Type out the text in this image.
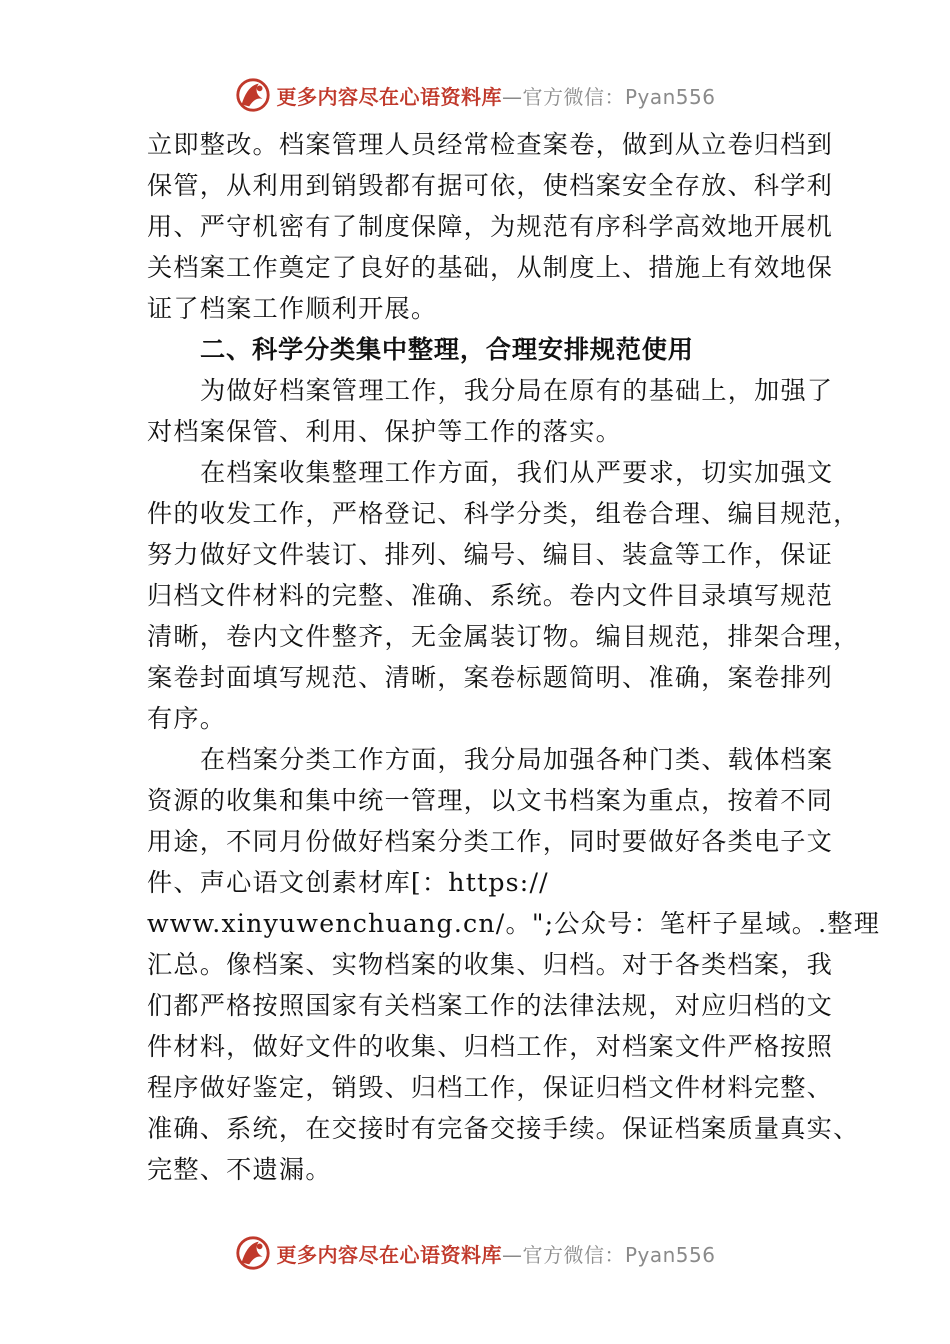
更多内容尽在心语资料库—官方微信：Pyan556
立即整改。档案管理人员经常检查案卷，做到从立卷归档到
保管，从利用到销毁都有据可依，使档案安全存放、科学利
用、严守机密有了制度保障，为规范有序科学高效地开展机
关档案工作奠定了良好的基础，从制度上、措施上有效地保
证了档案工作顺利开展。
二、科学分类集中整理，合理安排规范使用
为做好档案管理工作，我分局在原有的基础上，加强了
对档案保管、利用、保护等工作的落实。
在档案收集整理工作方面，我们从严要求，切实加强文
件的收发工作，严格登记、科学分类，组卷合理、编目规范，
努力做好文件装订、排列、编号、编目、装盒等工作，保证
归档文件材料的完整、准确、系统。卷内文件目录填写规范
清晰，卷内文件整齐，无金属装订物。编目规范，排架合理，
案卷封面填写规范、清晰，案卷标题简明、准确，案卷排列
有序。
在档案分类工作方面，我分局加强各种门类、载体档案
资源的收集和集中统一管理，以文书档案为重点，按着不同
用途，不同月份做好档案分类工作，同时要做好各类电子文
件、声心语文创素材库[：https://
www.xinyuwenchuang.cn/。";公众号：笔杆子星域。.整理
汇总。像档案、实物档案的收集、归档。对于各类档案，我
们都严格按照国家有关档案工作的法律法规，对应归档的文
件材料，做好文件的收集、归档工作，对档案文件严格按照
程序做好鉴定，销毁、归档工作，保证归档文件材料完整、
准确、系统，在交接时有完备交接手续。保证档案质量真实、
完整、不遗漏。
更多内容尽在心语资料库—官方微信：Pyan556
